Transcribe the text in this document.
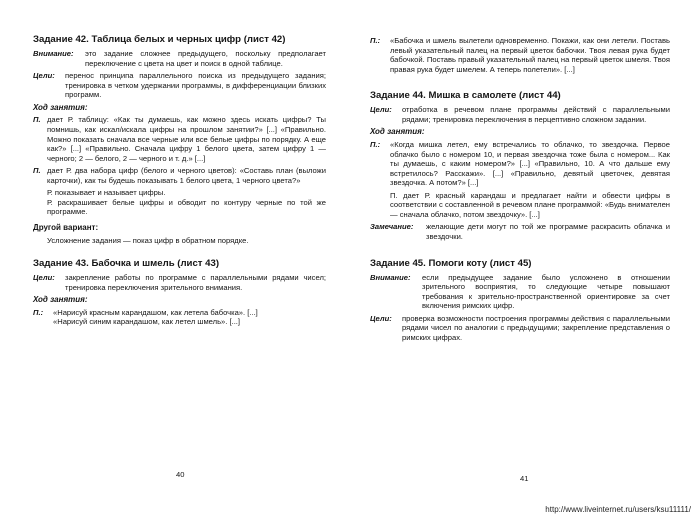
Задание 42. Таблица белых и черных цифр (лист 42)
Внимание:	это задание сложнее предыдущего, поскольку предполагает переключение с цвета на цвет и поиск в одной таблице.
Цели:	перенос принципа параллельного поиска из предыдущего задания; тренировка в четком удержании программы, в дифференциации близких программ.
Ход занятия:
П. дает Р. таблицу: «Как ты думаешь, как можно здесь искать цифры? Ты помнишь, как искал/искала цифры на прошлом занятии?» [...] «Правильно. Можно показать сначала все черные или все белые цифры по порядку. А еще как?» [...] «Правильно. Сначала цифру 1 белого цвета, затем цифру 1 — черного; 2 — белого, 2 — черного и т. д.» [...]
П. дает Р. два набора цифр (белого и черного цветов): «Составь план (выложи карточки), как ты будешь показывать 1 белого цвета, 1 черного цвета?»
Р. показывает и называет цифры.
Р. раскрашивает белые цифры и обводит по контуру черные по той же программе.
Другой вариант:
Усложнение задания — показ цифр в обратном порядке.
Задание 43. Бабочка и шмель (лист 43)
Цели:	закрепление работы по программе с параллельными рядами чисел; тренировка переключения зрительного внимания.
Ход занятия:
П.:	«Нарисуй красным карандашом, как летела бабочка». [...]
«Нарисуй синим карандашом, как летел шмель». [...]
40
П.:	«Бабочка и шмель вылетели одновременно. Покажи, как они летели. Поставь левый указательный палец на первый цветок бабочки. Твоя левая рука будет бабочкой. Поставь правый указательный палец на первый цветок шмеля. Твоя правая рука будет шмелем. А теперь полетели». [...]
Задание 44. Мишка в самолете (лист 44)
Цели:	отработка в речевом плане программы действий с параллельными рядами; тренировка переключения в перцептивно сложном задании.
Ход занятия:
П.:	«Когда мишка летел, ему встречались то облачко, то звездочка. Первое облачко было с номером 10, и первая звездочка тоже была с номером... Как ты думаешь, с каким номером?» [...] «Правильно, 10. А что дальше ему встретилось? Расскажи». [...] «Правильно, девятый цветочек, девятая звездочка. А потом?» [...]
П. дает Р. красный карандаш и предлагает найти и обвести цифры в соответствии с составленной в речевом плане программой: «Будь внимателен — сначала облачко, потом звездочку». [...]
Замечание:	желающие дети могут по той же программе раскрасить облачка и звездочки.
Задание 45. Помоги коту (лист 45)
Внимание:	если предыдущее задание было усложнено в отношении зрительного восприятия, то следующие четыре повышают требования к зрительно-пространственной ориентировке за счет включения римских цифр.
Цели:	проверка возможности построения программы действия с параллельными рядами чисел по аналогии с предыдущими; закрепление представления о римских цифрах.
41
http://www.liveinternet.ru/users/ksu11111/
